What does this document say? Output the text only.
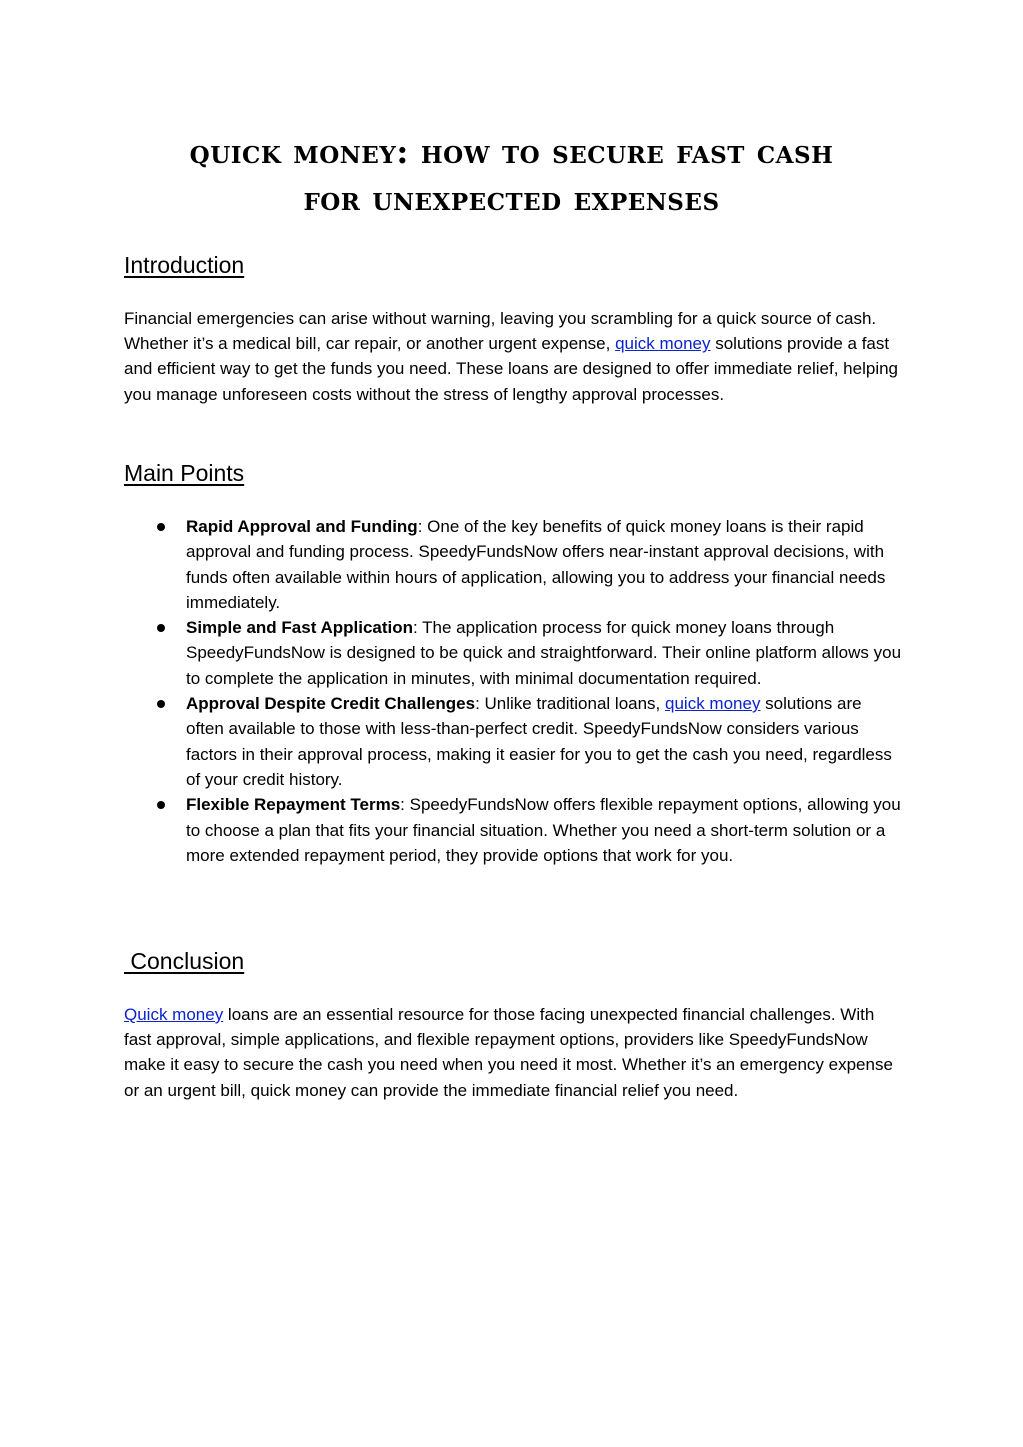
quick money: how to secure fast cash
for unexpected expenses
Introduction

Financial emergencies can arise without warning, leaving you scrambling for a quick source of cash. Whether it’s a medical bill, car repair, or another urgent expense, quick money solutions provide a fast and efficient way to get the funds you need. These loans are designed to offer immediate relief, helping you manage unforeseen costs without the stress of lengthy approval processes.

Main Points
Rapid Approval and Funding: One of the key benefits of quick money loans is their rapid approval and funding process. SpeedyFundsNow offers near-instant approval decisions, with funds often available within hours of application, allowing you to address your financial needs immediately.
Simple and Fast Application: The application process for quick money loans through SpeedyFundsNow is designed to be quick and straightforward. Their online platform allows you to complete the application in minutes, with minimal documentation required.
Approval Despite Credit Challenges: Unlike traditional loans, quick money solutions are often available to those with less-than-perfect credit. SpeedyFundsNow considers various factors in their approval process, making it easier for you to get the cash you need, regardless of your credit history.
Flexible Repayment Terms: SpeedyFundsNow offers flexible repayment options, allowing you to choose a plan that fits your financial situation. Whether you need a short-term solution or a more extended repayment period, they provide options that work for you.
Conclusion

Quick money loans are an essential resource for those facing unexpected financial challenges. With fast approval, simple applications, and flexible repayment options, providers like SpeedyFundsNow make it easy to secure the cash you need when you need it most. Whether it’s an emergency expense or an urgent bill, quick money can provide the immediate financial relief you need.
